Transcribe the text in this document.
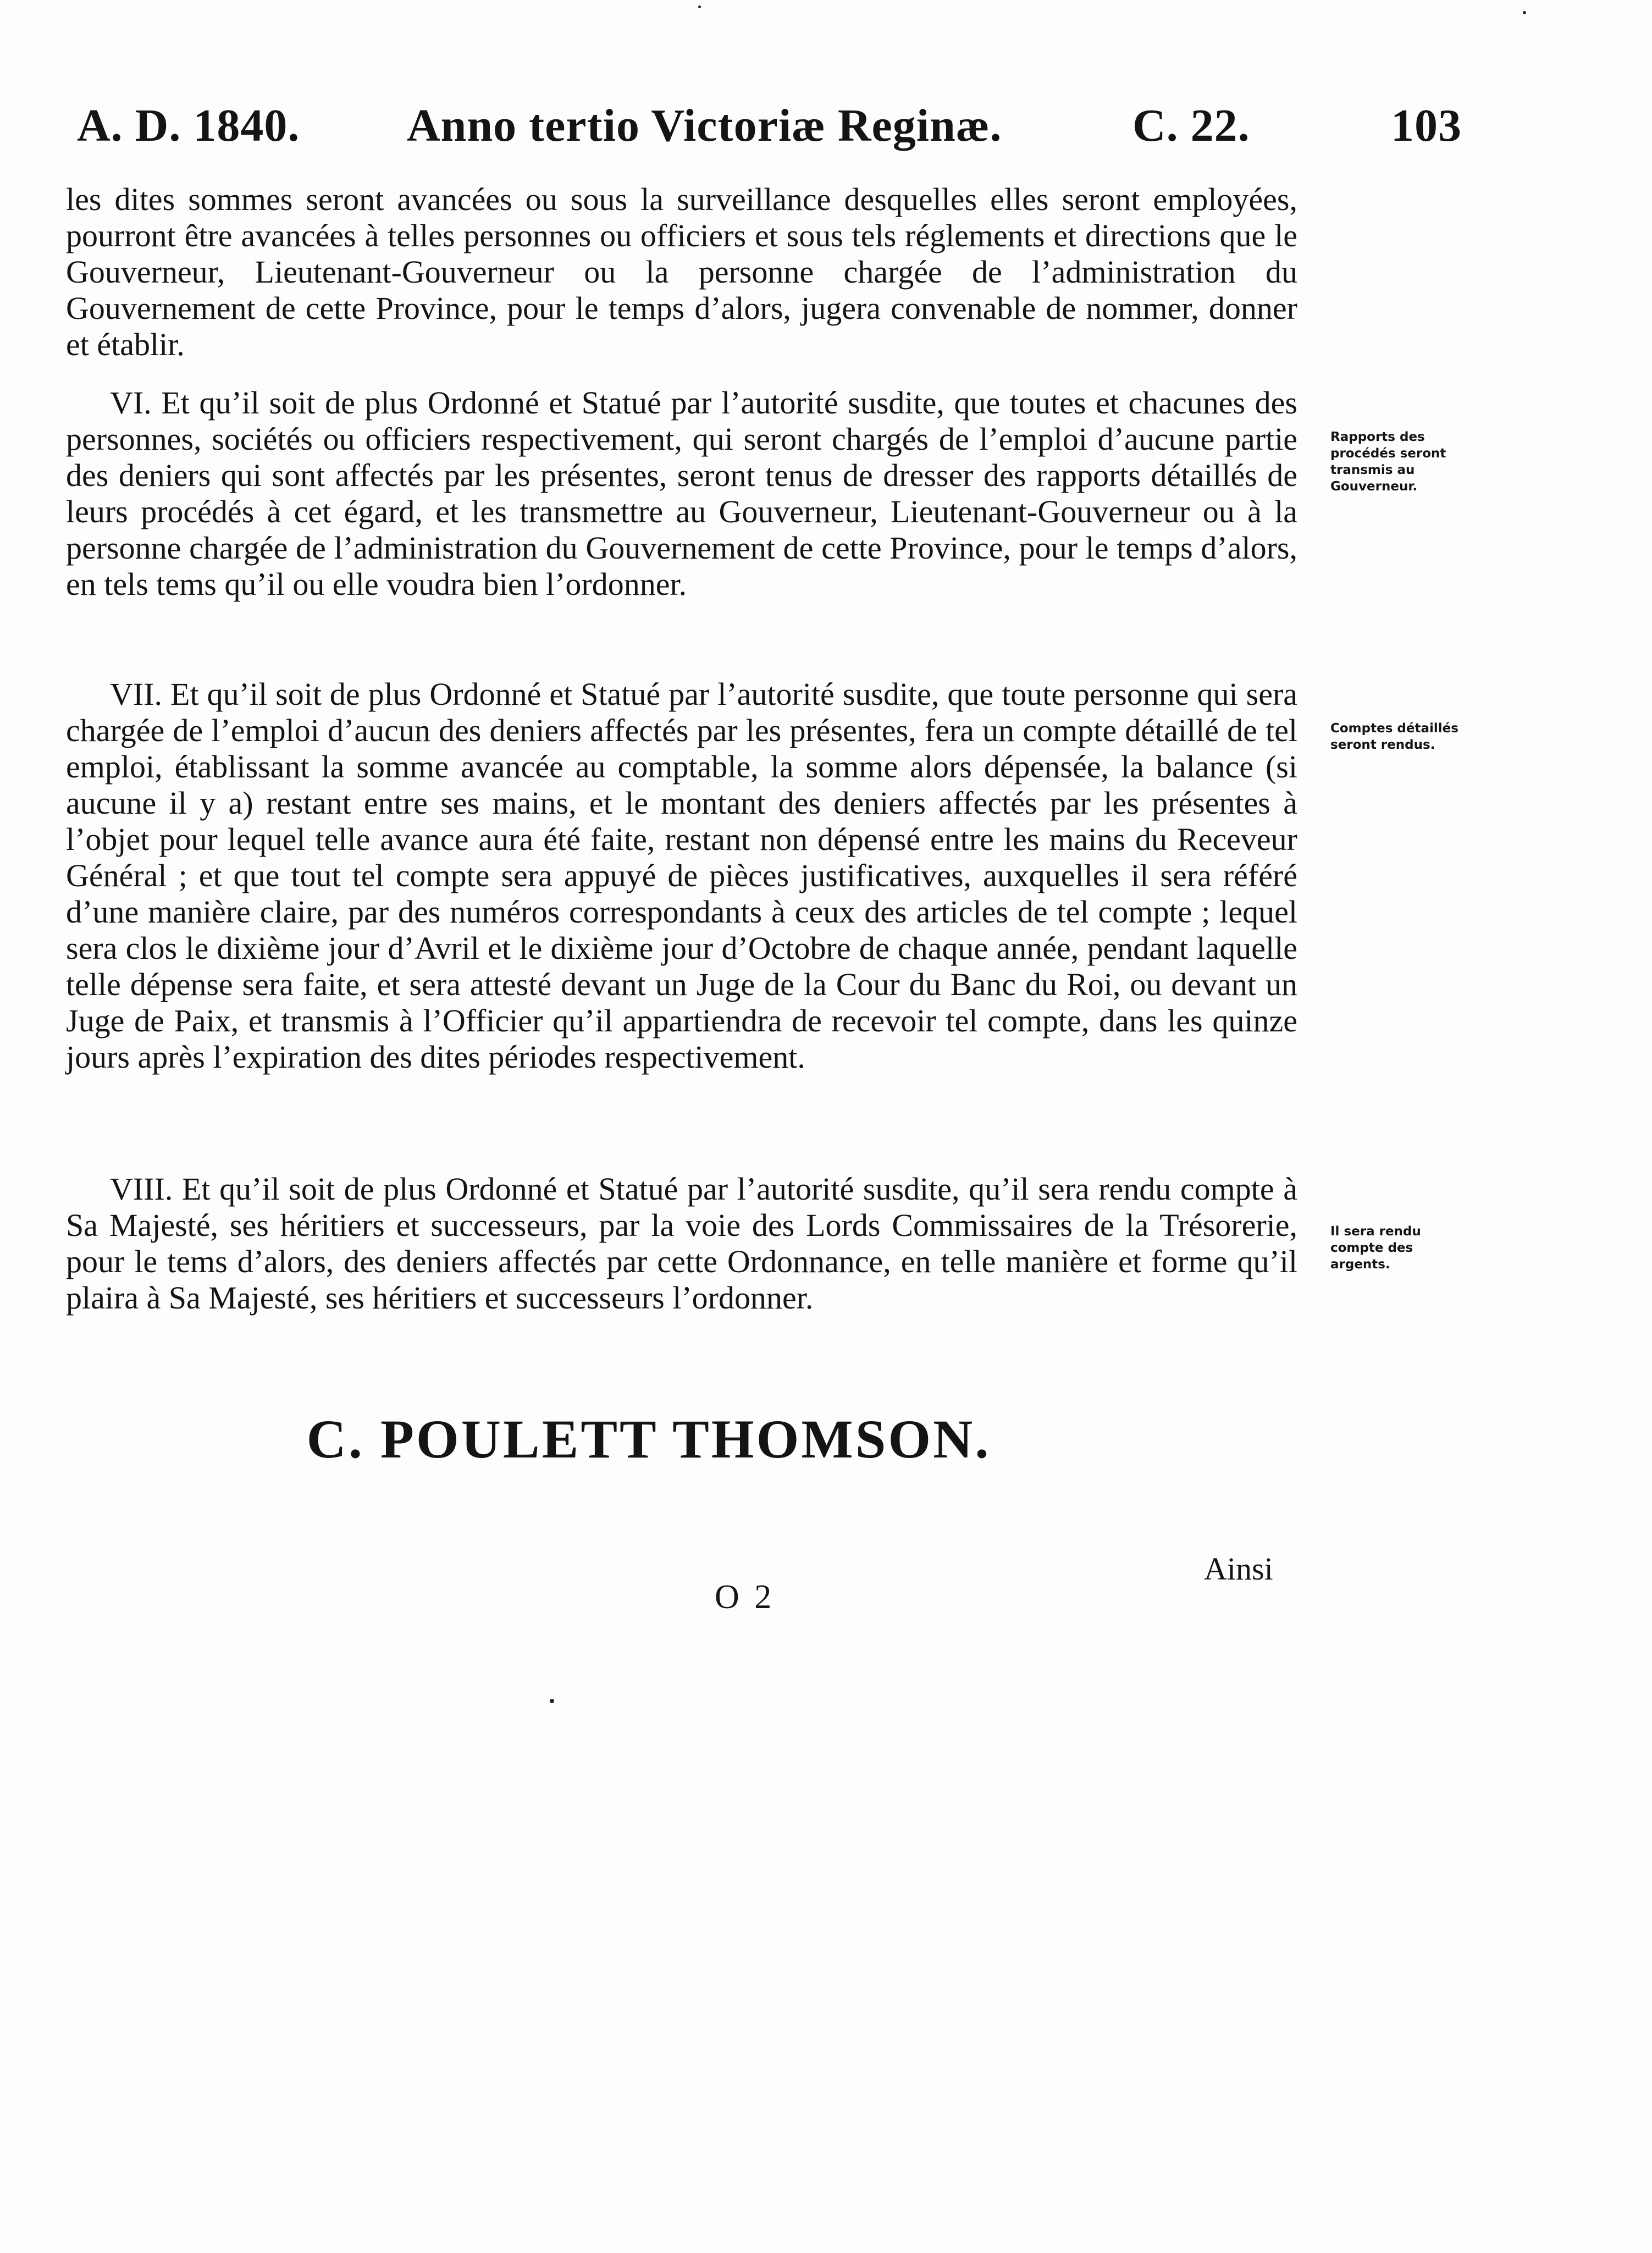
A. D. 1840. Anno tertio Victoriæ Reginæ.	C. 22.	103

les dites sommes seront avancées ou sous la surveillance desquelles elles seront employées, pourront être avancées à telles personnes ou officiers et sous tels réglements et directions que le Gouverneur, Lieutenant-Gouverneur ou la personne chargée de l’administration du Gouvernement de cette Province, pour le temps d’alors, jugera convenable de nommer, donner et établir.

VI. Et qu’il soit de plus Ordonné et Statué par l’autorité susdite, que toutes et chacunes des personnes, sociétés ou officiers respectivement, qui seront chargés de l’emploi d’aucune partie des deniers qui sont affectés par les présentes, seront tenus de dresser des rapports détaillés de leurs procédés à cet égard, et les transmettre au Gouverneur, Lieutenant-Gouverneur ou à la personne chargée de l’administration du Gouvernement de cette Province, pour le temps d’alors, en tels tems qu’il ou elle voudra bien l’ordonner.

Rapports des procédés seront transmis au Gouverneur.

VII. Et qu’il soit de plus Ordonné et Statué par l’autorité susdite, que toute personne qui sera chargée de l’emploi d’aucun des deniers affectés par les présentes, fera un compte détaillé de tel emploi, établissant la somme avancée au comptable, la somme alors dépensée, la balance (si aucune il y a) restant entre ses mains, et le montant des deniers affectés par les présentes à l’objet pour lequel telle avance aura été faite, restant non dépensé entre les mains du Receveur Général ; et que tout tel compte sera appuyé de pièces justificatives, auxquelles il sera référé d’une manière claire, par des numéros correspondants à ceux des articles de tel compte ; lequel sera clos le dixième jour d’Avril et le dixième jour d’Octobre de chaque année, pendant laquelle telle dépense sera faite, et sera attesté devant un Juge de la Cour du Banc du Roi, ou devant un Juge de Paix, et transmis à l’Officier qu’il appartiendra de recevoir tel compte, dans les quinze jours après l’expiration des dites périodes respectivement.

Comptes détaillés seront rendus.

VIII. Et qu’il soit de plus Ordonné et Statué par l’autorité susdite, qu’il sera rendu compte à Sa Majesté, ses héritiers et successeurs, par la voie des Lords Commissaires de la Trésorerie, pour le tems d’alors, des deniers affectés par cette Ordonnance, en telle manière et forme qu’il plaira à Sa Majesté, ses héritiers et successeurs l’ordonner.

Il sera rendu compte des argents.
C. POULETT THOMSON.
Ainsi
O 2
